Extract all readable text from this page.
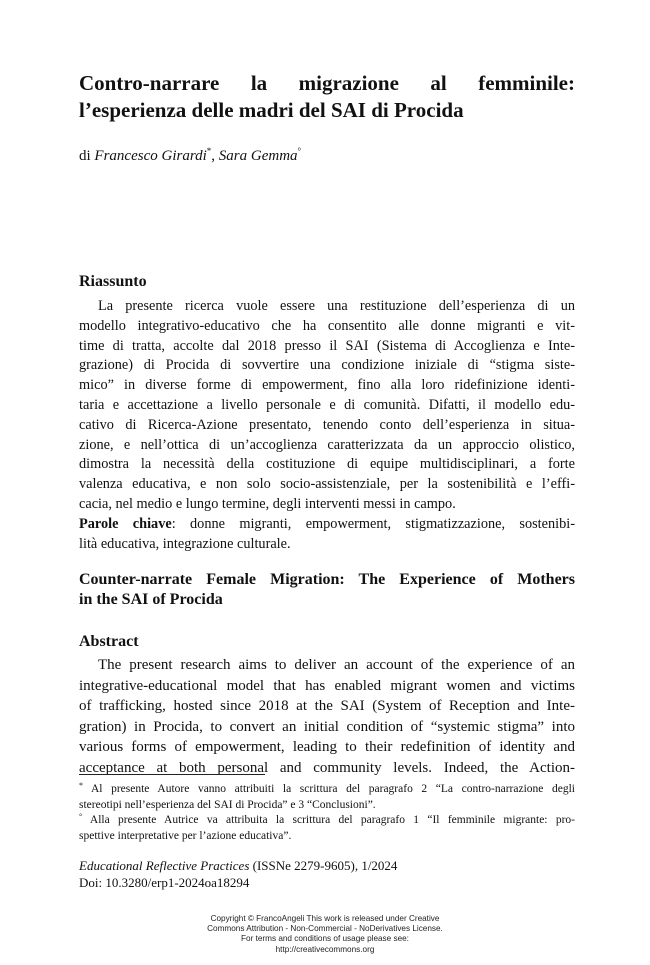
Contro-narrare la migrazione al femminile:
l’esperienza delle madri del SAI di Procida
di Francesco Girardi*, Sara Gemma°
Riassunto
La presente ricerca vuole essere una restituzione dell’esperienza di un
modello integrativo-educativo che ha consentito alle donne migranti e vit-
time di tratta, accolte dal 2018 presso il SAI (Sistema di Accoglienza e Inte-
grazione) di Procida di sovvertire una condizione iniziale di “stigma siste-
mico” in diverse forme di empowerment, fino alla loro ridefinizione identi-
taria e accettazione a livello personale e di comunità. Difatti, il modello edu-
cativo di Ricerca-Azione presentato, tenendo conto dell’esperienza in situa-
zione, e nell’ottica di un’accoglienza caratterizzata da un approccio olistico,
dimostra la necessità della costituzione di equipe multidisciplinari, a forte
valenza educativa, e non solo socio-assistenziale, per la sostenibilità e l’effi-
cacia, nel medio e lungo termine, degli interventi messi in campo.
Parole chiave: donne migranti, empowerment, stigmatizzazione, sostenibi-
lità educativa, integrazione culturale.
Counter-narrate Female Migration: The Experience of Mothers
in the SAI of Procida
Abstract
The present research aims to deliver an account of the experience of an
integrative-educational model that has enabled migrant women and victims
of trafficking, hosted since 2018 at the SAI (System of Reception and Inte-
gration) in Procida, to convert an initial condition of “systemic stigma” into
various forms of empowerment, leading to their redefinition of identity and
acceptance at both personal and community levels. Indeed, the Action-
* Al presente Autore vanno attribuiti la scrittura del paragrafo 2 “La contro-narrazione degli
stereotipi nell’esperienza del SAI di Procida” e 3 “Conclusioni”.
° Alla presente Autrice va attribuita la scrittura del paragrafo 1 “Il femminile migrante: pro-
spettive interpretative per l’azione educativa”.
Educational Reflective Practices (ISSNe 2279-9605), 1/2024
Doi: 10.3280/erp1-2024oa18294
Copyright © FrancoAngeli This work is released under Creative
Commons Attribution - Non-Commercial - NoDerivatives License.
For terms and conditions of usage please see:
http://creativecommons.org
